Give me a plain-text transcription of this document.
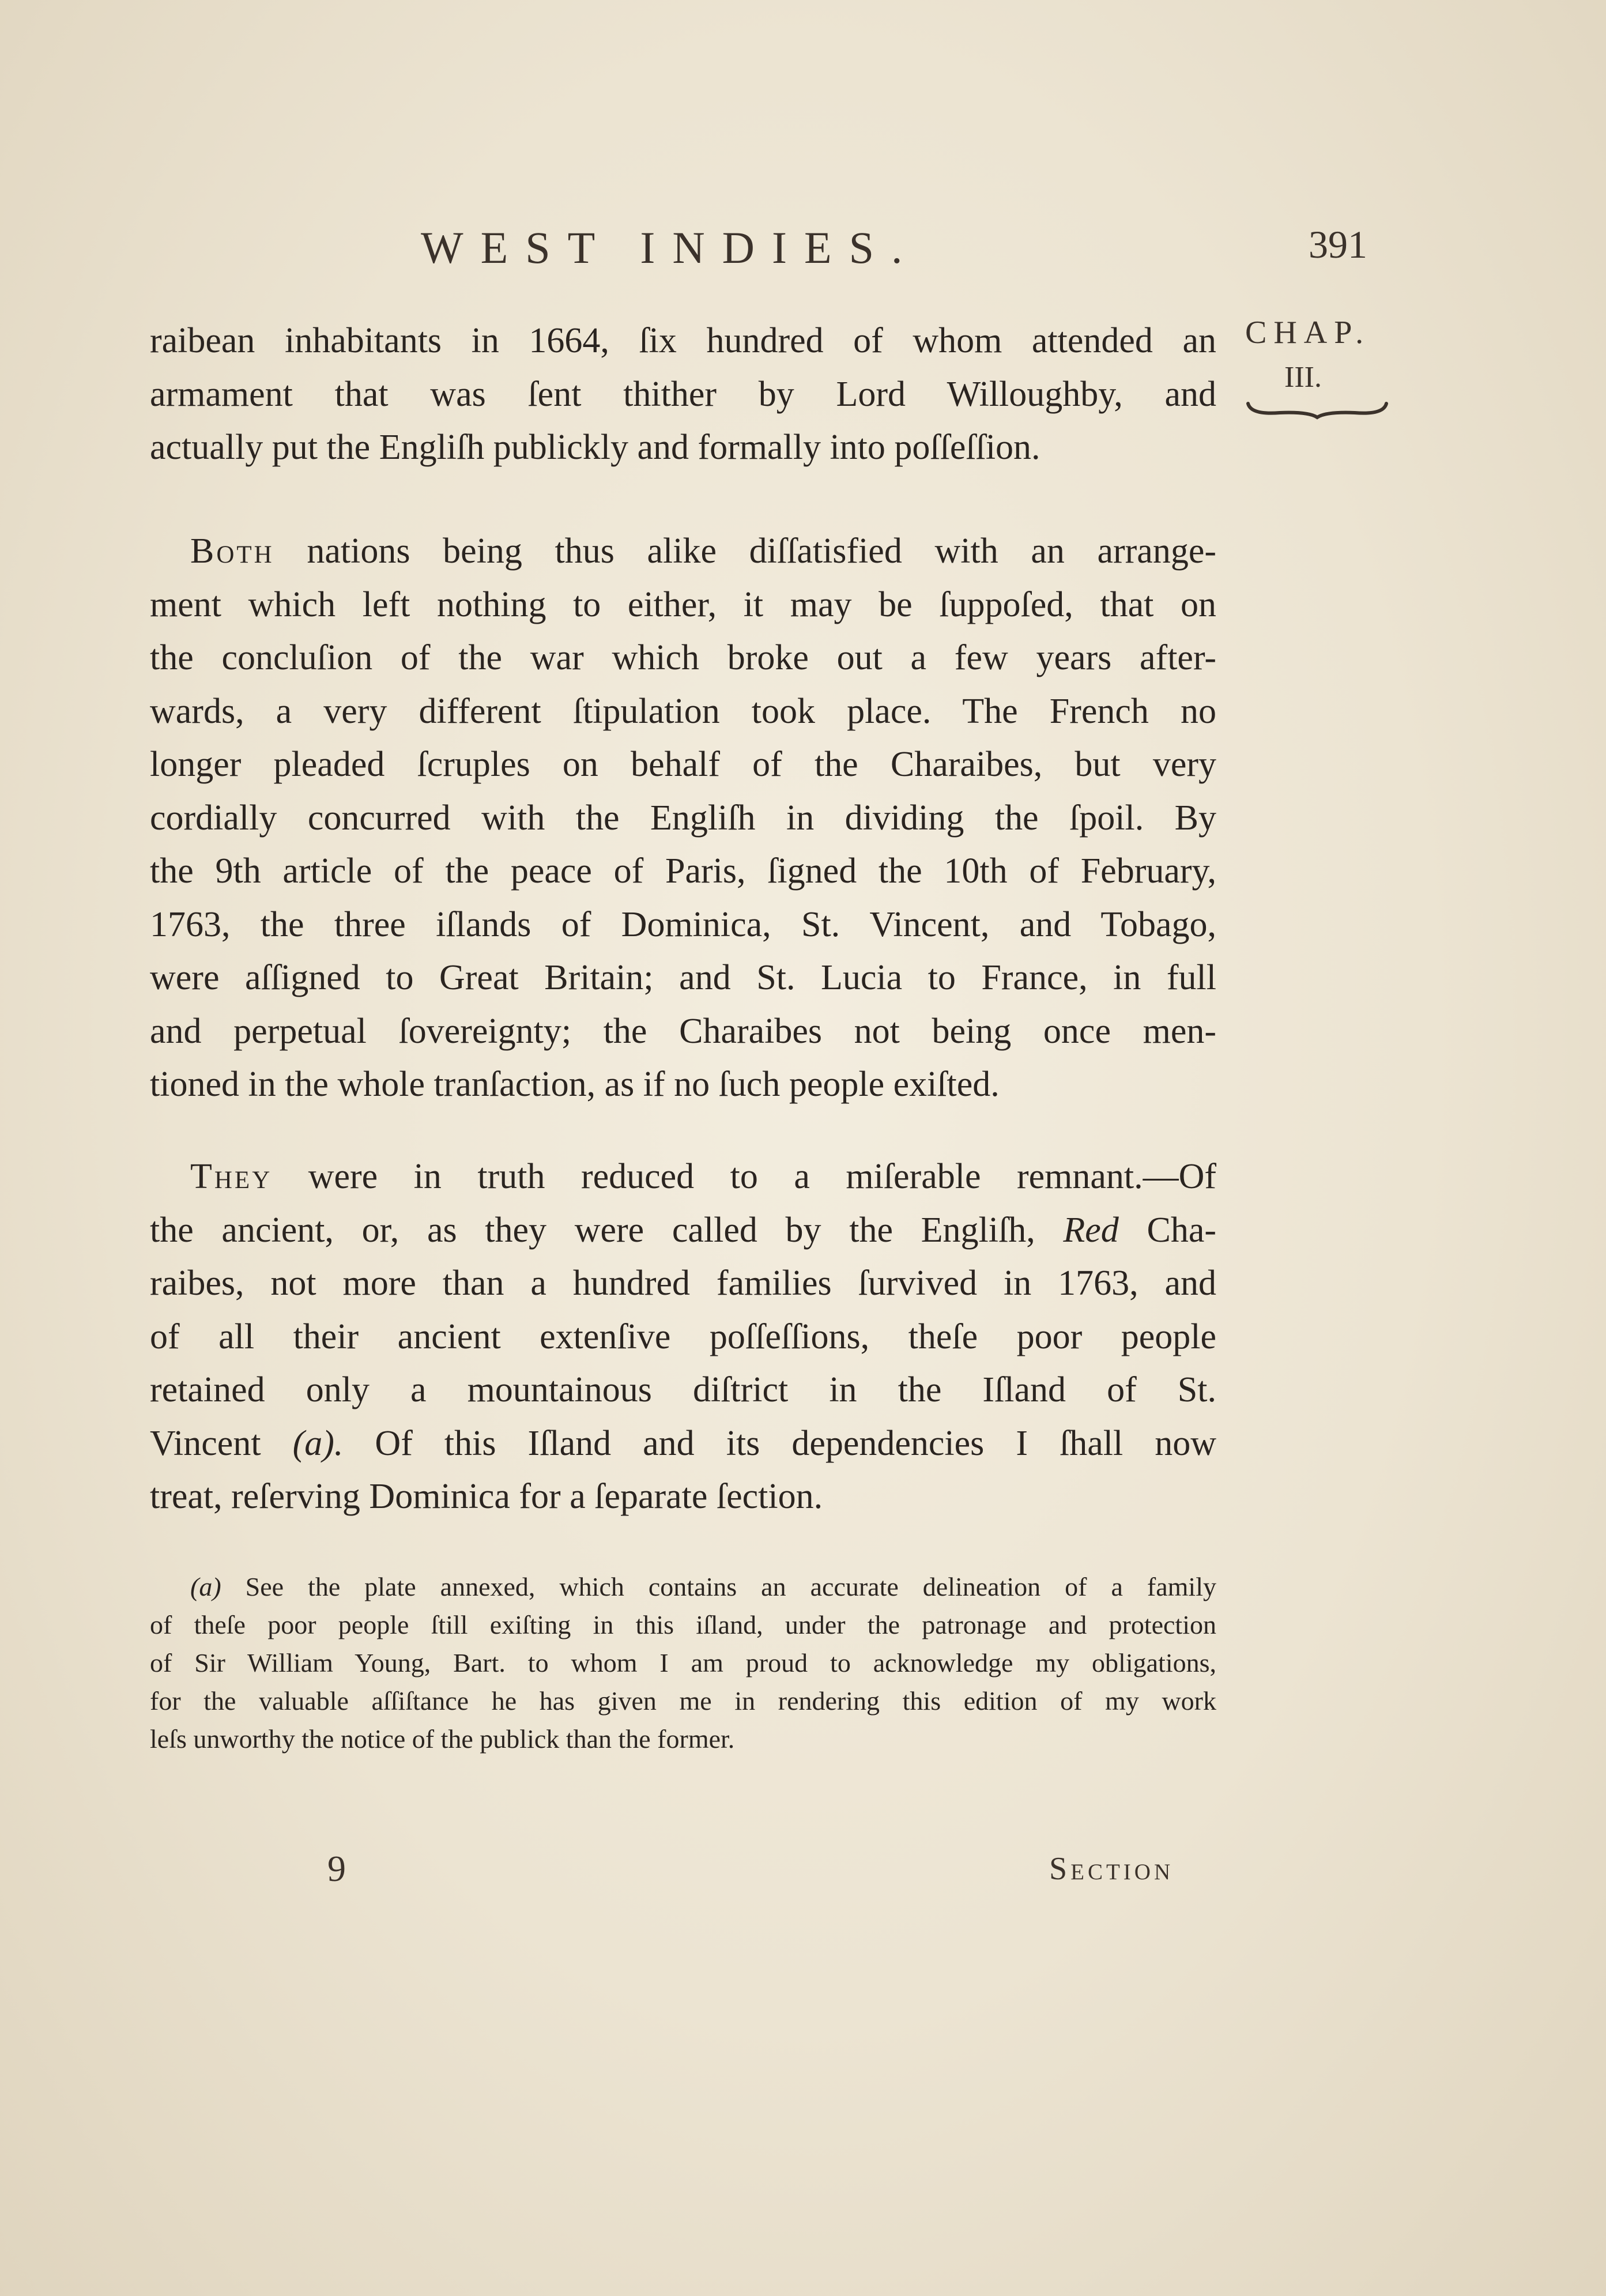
WEST INDIES.	391
CHAP.
III.
raibean inhabitants in 1664, ſix hundred of whom attended an
armament that was ſent thither by Lord Willoughby, and
actually put the Engliſh publickly and formally into poſſeſſion.
Both nations being thus alike diſſatisfied with an arrange-
ment which left nothing to either, it may be ſuppoſed, that on
the concluſion of the war which broke out a few years after-
wards, a very different ſtipulation took place. The French no
longer pleaded ſcruples on behalf of the Charaibes, but very
cordially concurred with the Engliſh in dividing the ſpoil. By
the 9th article of the peace of Paris, ſigned the 10th of February,
1763, the three iſlands of Dominica, St. Vincent, and Tobago,
were aſſigned to Great Britain; and St. Lucia to France, in full
and perpetual ſovereignty; the Charaibes not being once men-
tioned in the whole tranſaction, as if no ſuch people exiſted.
They were in truth reduced to a miſerable remnant.—Of
the ancient, or, as they were called by the Engliſh, Red Cha-
raibes, not more than a hundred families ſurvived in 1763, and
of all their ancient extenſive poſſeſſions, theſe poor people
retained only a mountainous diſtrict in the Iſland of St.
Vincent (a). Of this Iſland and its dependencies I ſhall now
treat, reſerving Dominica for a ſeparate ſection.
(a) See the plate annexed, which contains an accurate delineation of a family
of theſe poor people ſtill exiſting in this iſland, under the patronage and protection
of Sir William Young, Bart. to whom I am proud to acknowledge my obligations,
for the valuable aſſiſtance he has given me in rendering this edition of my work
leſs unworthy the notice of the publick than the former.
9	Section
